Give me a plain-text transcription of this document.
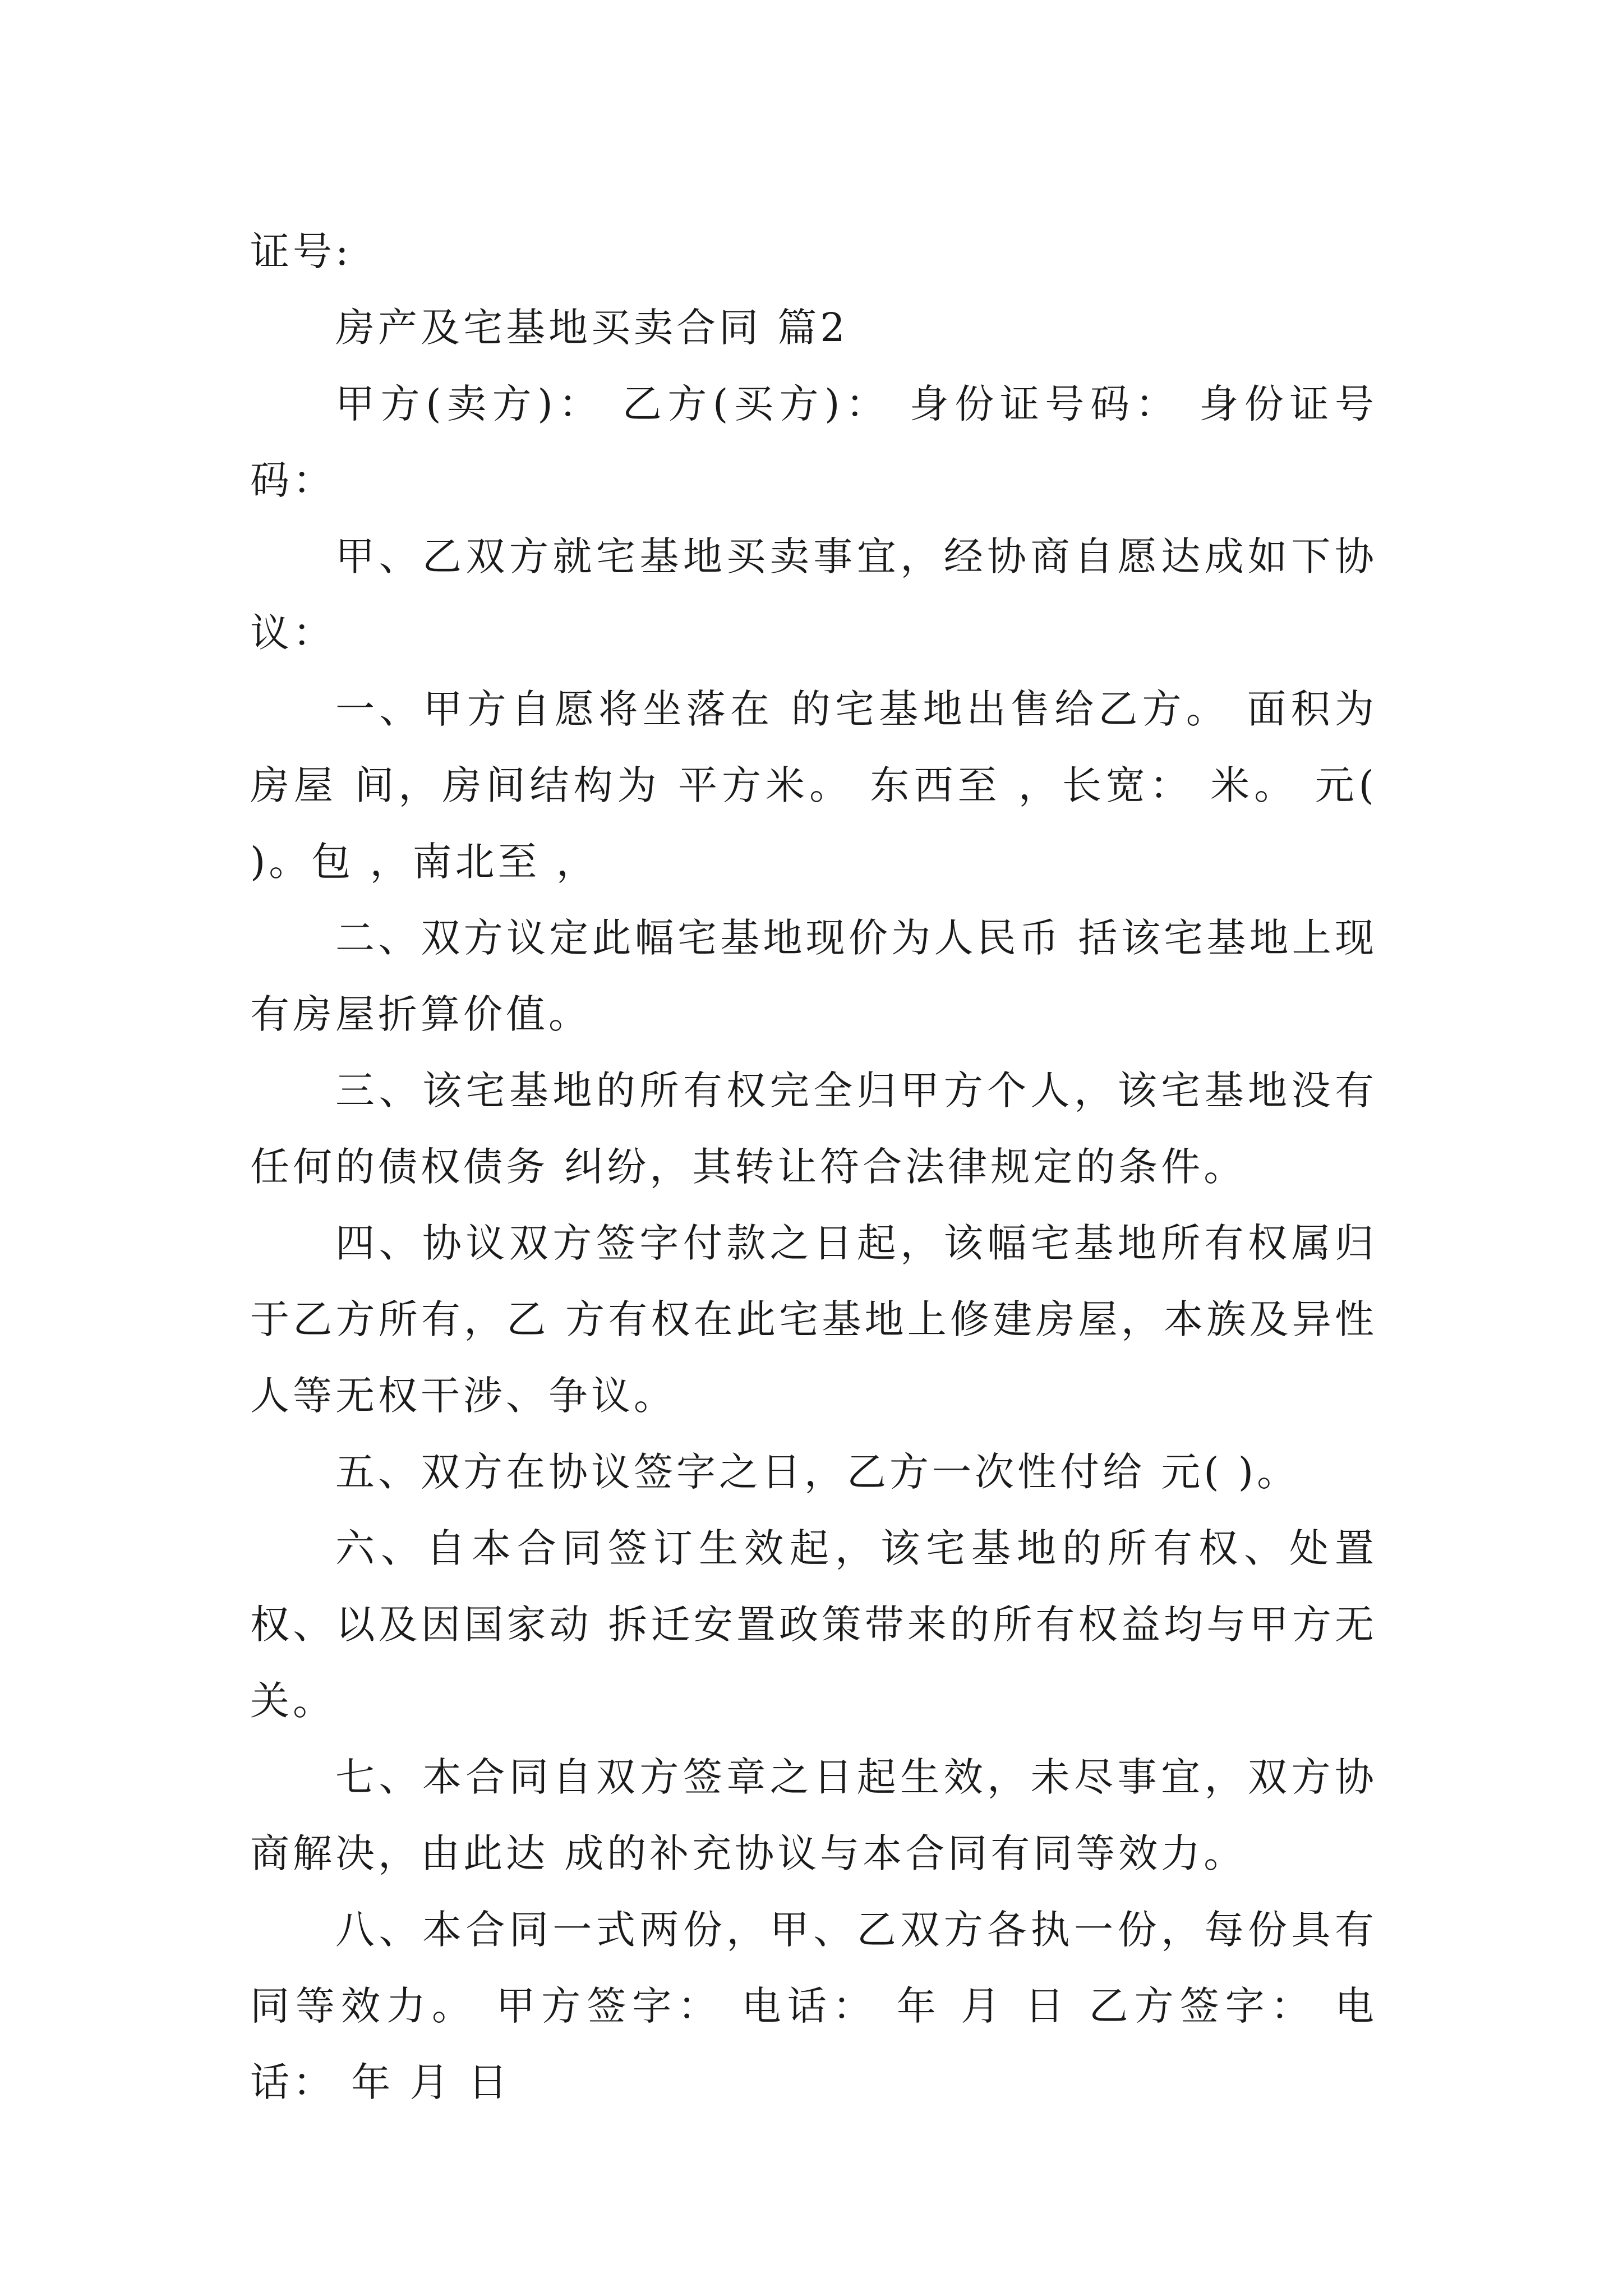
证号:

房产及宅基地买卖合同 篇2

甲方(卖方)： 乙方(买方)： 身份证号码： 身份证号码：

甲、乙双方就宅基地买卖事宜，经协商自愿达成如下协议：

一、甲方自愿将坐落在 的宅基地出售给乙方。 面积为房屋 间，房间结构为 平方米。 东西至 ，长宽： 米。 元( )。包 ，南北至 ，

二、双方议定此幅宅基地现价为人民币 括该宅基地上现有房屋折算价值。

三、该宅基地的所有权完全归甲方个人，该宅基地没有任何的债权债务 纠纷，其转让符合法律规定的条件。

四、协议双方签字付款之日起，该幅宅基地所有权属归于乙方所有，乙 方有权在此宅基地上修建房屋，本族及异性人等无权干涉、争议。

五、双方在协议签字之日，乙方一次性付给 元( )。

六、自本合同签订生效起，该宅基地的所有权、处置权、以及因国家动 拆迁安置政策带来的所有权益均与甲方无关。

七、本合同自双方签章之日起生效，未尽事宜，双方协商解决，由此达 成的补充协议与本合同有同等效力。

八、本合同一式两份，甲、乙双方各执一份，每份具有同等效力。 甲方签字： 电话： 年 月 日 乙方签字： 电话： 年 月 日
